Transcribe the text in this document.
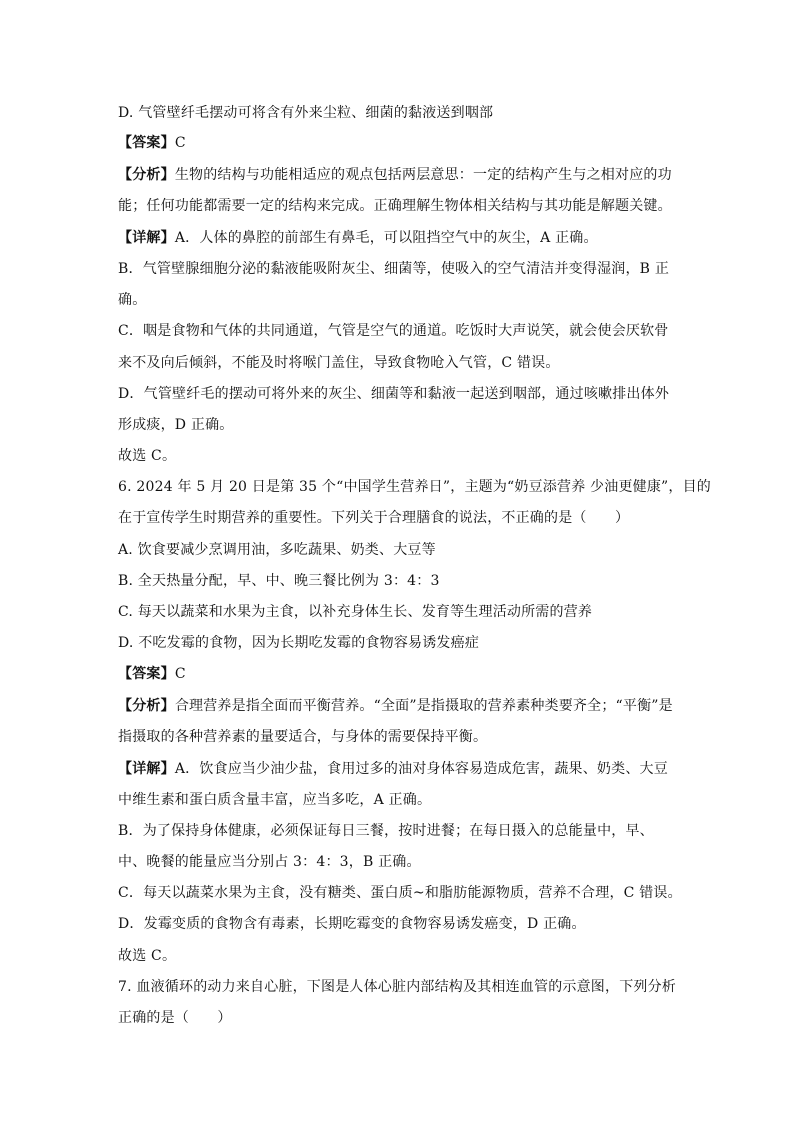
D. 气管壁纤毛摆动可将含有外来尘粒、细菌的黏液送到咽部
【答案】C
【分析】生物的结构与功能相适应的观点包括两层意思：一定的结构产生与之相对应的功
能；任何功能都需要一定的结构来完成。正确理解生物体相关结构与其功能是解题关键。
【详解】A．人体的鼻腔的前部生有鼻毛，可以阻挡空气中的灰尘，A 正确。
B．气管壁腺细胞分泌的黏液能吸附灰尘、细菌等，使吸入的空气清洁并变得湿润，B 正
确。
C．咽是食物和气体的共同通道，气管是空气的通道。吃饭时大声说笑，就会使会厌软骨
来不及向后倾斜，不能及时将喉门盖住，导致食物呛入气管，C 错误。
D．气管壁纤毛的摆动可将外来的灰尘、细菌等和黏液一起送到咽部，通过咳嗽排出体外
形成痰，D 正确。
故选 C。
6. 2024 年 5 月 20 日是第 35 个“中国学生营养日”，主题为“奶豆添营养 少油更健康”，目的
在于宣传学生时期营养的重要性。下列关于合理膳食的说法，不正确的是（　　）
A. 饮食要减少烹调用油，多吃蔬果、奶类、大豆等
B. 全天热量分配，早、中、晚三餐比例为 3：4：3
C. 每天以蔬菜和水果为主食，以补充身体生长、发育等生理活动所需的营养
D. 不吃发霉的食物，因为长期吃发霉的食物容易诱发癌症
【答案】C
【分析】合理营养是指全面而平衡营养。“全面”是指摄取的营养素种类要齐全；“平衡”是
指摄取的各种营养素的量要适合，与身体的需要保持平衡。
【详解】A．饮食应当少油少盐，食用过多的油对身体容易造成危害，蔬果、奶类、大豆
中维生素和蛋白质含量丰富，应当多吃，A 正确。
B．为了保持身体健康，必须保证每日三餐，按时进餐；在每日摄入的总能量中，早、
中、晚餐的能量应当分别占 3：4：3，B 正确。
C．每天以蔬菜水果为主食，没有糖类、蛋白质~和脂肪能源物质，营养不合理，C 错误。
D．发霉变质的食物含有毒素，长期吃霉变的食物容易诱发癌变，D 正确。
故选 C。
7. 血液循环的动力来自心脏，下图是人体心脏内部结构及其相连血管的示意图，下列分析
正确的是（　　）
